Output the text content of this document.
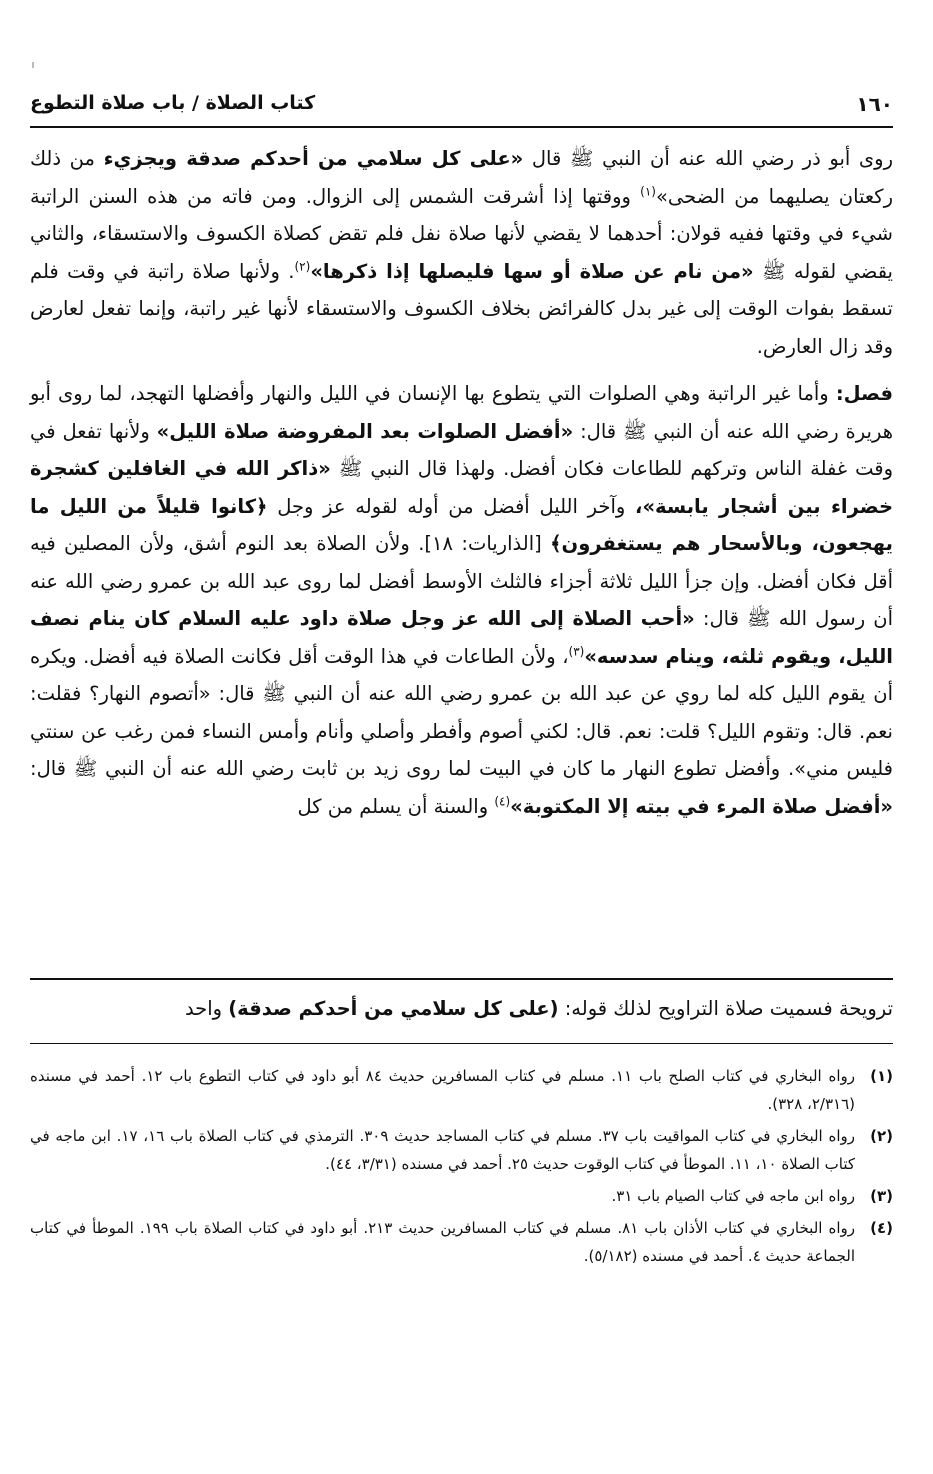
١٦٠
كتاب الصلاة / باب صلاة التطوع

روى أبو ذر رضي الله عنه أن النبي ﷺ قال «على كل سلامي من أحدكم صدقة ويجزيء من ذلك ركعتان يصليهما من الضحى»$^{(١)}$ ووقتها إذا أشرقت الشمس إلى الزوال. ومن فاته من هذه السنن الراتبة شيء في وقتها ففيه قولان: أحدهما لا يقضي لأنها صلاة نفل فلم تقض كصلاة الكسوف والاستسقاء، والثاني يقضي لقوله ﷺ «من نام عن صلاة أو سها فليصلها إذا ذكرها»$^{(٢)}$. ولأنها صلاة راتبة في وقت فلم تسقط بفوات الوقت إلى غير بدل كالفرائض بخلاف الكسوف والاستسقاء لأنها غير راتبة، وإنما تفعل لعارض وقد زال العارض.

فصل: وأما غير الراتبة وهي الصلوات التي يتطوع بها الإنسان في الليل والنهار وأفضلها التهجد، لما روى أبو هريرة رضي الله عنه أن النبي ﷺ قال: «أفضل الصلوات بعد المفروضة صلاة الليل» ولأنها تفعل في وقت غفلة الناس وتركهم للطاعات فكان أفضل. ولهذا قال النبي ﷺ «ذاكر الله في الغافلين كشجرة خضراء بين أشجار يابسة»، وآخر الليل أفضل من أوله لقوله عز وجل ﴿كانوا قليلاً من الليل ما يهجعون، وبالأسحار هم يستغفرون﴾ [الذاريات: ١٨]. ولأن الصلاة بعد النوم أشق، ولأن المصلين فيه أقل فكان أفضل. وإن جزأ الليل ثلاثة أجزاء فالثلث الأوسط أفضل لما روى عبد الله بن عمرو رضي الله عنه أن رسول الله ﷺ قال: «أحب الصلاة إلى الله عز وجل صلاة داود عليه السلام كان ينام نصف الليل، ويقوم ثلثه، وينام سدسه»$^{(٣)}$، ولأن الطاعات في هذا الوقت أقل فكانت الصلاة فيه أفضل. ويكره أن يقوم الليل كله لما روي عن عبد الله بن عمرو رضي الله عنه أن النبي ﷺ قال: «أتصوم النهار؟ فقلت: نعم. قال: وتقوم الليل؟ قلت: نعم. قال: لكني أصوم وأفطر وأصلي وأنام وأمس النساء فمن رغب عن سنتي فليس مني». وأفضل تطوع النهار ما كان في البيت لما روى زيد بن ثابت رضي الله عنه أن النبي ﷺ قال: «أفضل صلاة المرء في بيته إلا المكتوبة»$^{(٤)}$ والسنة أن يسلم من كل

ترويحة فسميت صلاة التراويح لذلك قوله: (على كل سلامي من أحدكم صدقة) واحد
(١)
رواه البخاري في كتاب الصلح باب ١١. مسلم في كتاب المسافرين حديث ٨٤ أبو داود في كتاب التطوع باب ١٢. أحمد في مسنده (٢/٣١٦، ٣٢٨).
(٢)
رواه البخاري في كتاب المواقيت باب ٣٧. مسلم في كتاب المساجد حديث ٣٠٩. الترمذي في كتاب الصلاة باب ١٦، ١٧. ابن ماجه في كتاب الصلاة ١٠، ١١. الموطأ في كتاب الوقوت حديث ٢٥. أحمد في مسنده (٣/٣١، ٤٤).
(٣)
رواه ابن ماجه في كتاب الصيام باب ٣١.
(٤)
رواه البخاري في كتاب الأذان باب ٨١. مسلم في كتاب المسافرين حديث ٢١٣. أبو داود في كتاب الصلاة باب ١٩٩. الموطأ في كتاب الجماعة حديث ٤. أحمد في مسنده (٥/١٨٢).
